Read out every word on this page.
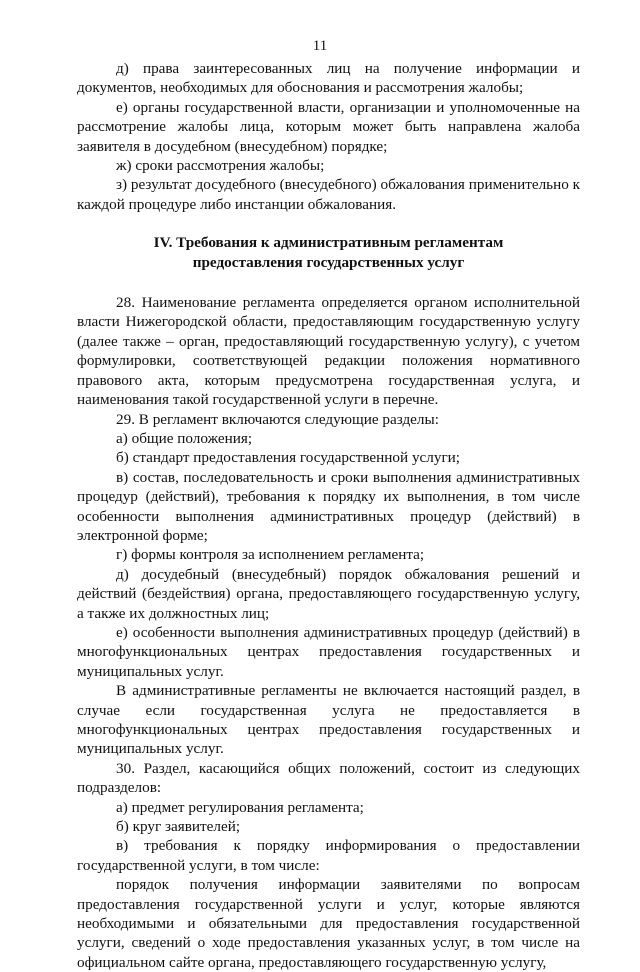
11

д) права заинтересованных лиц на получение информации и документов, необходимых для обоснования и рассмотрения жалобы;

е) органы государственной власти, организации и уполномоченные на рассмотрение жалобы лица, которым может быть направлена жалоба заявителя в досудебном (внесудебном) порядке;

ж) сроки рассмотрения жалобы;

з) результат досудебного (внесудебного) обжалования применительно к каждой процедуре либо инстанции обжалования.

IV. Требования к административным регламентам
предоставления государственных услуг

28. Наименование регламента определяется органом исполнительной власти Нижегородской области, предоставляющим государственную услугу (далее также – орган, предоставляющий государственную услугу), с учетом формулировки, соответствующей редакции положения нормативного правового акта, которым предусмотрена государственная услуга, и наименования такой государственной услуги в перечне.

29. В регламент включаются следующие разделы:

а) общие положения;

б) стандарт предоставления государственной услуги;

в) состав, последовательность и сроки выполнения административных процедур (действий), требования к порядку их выполнения, в том числе особенности выполнения административных процедур (действий) в электронной форме;

г) формы контроля за исполнением регламента;

д) досудебный (внесудебный) порядок обжалования решений и действий (бездействия) органа, предоставляющего государственную услугу, а также их должностных лиц;

е) особенности выполнения административных процедур (действий) в многофункциональных центрах предоставления государственных и муниципальных услуг.

В административные регламенты не включается настоящий раздел, в случае если государственная услуга не предоставляется в многофункциональных центрах предоставления государственных и муниципальных услуг.

30. Раздел, касающийся общих положений, состоит из следующих подразделов:

а) предмет регулирования регламента;

б) круг заявителей;

в) требования к порядку информирования о предоставлении государственной услуги, в том числе:

порядок получения информации заявителями по вопросам предоставления государственной услуги и услуг, которые являются необходимыми и обязательными для предоставления государственной услуги, сведений о ходе предоставления указанных услуг, в том числе на официальном сайте органа, предоставляющего государственную услугу,
